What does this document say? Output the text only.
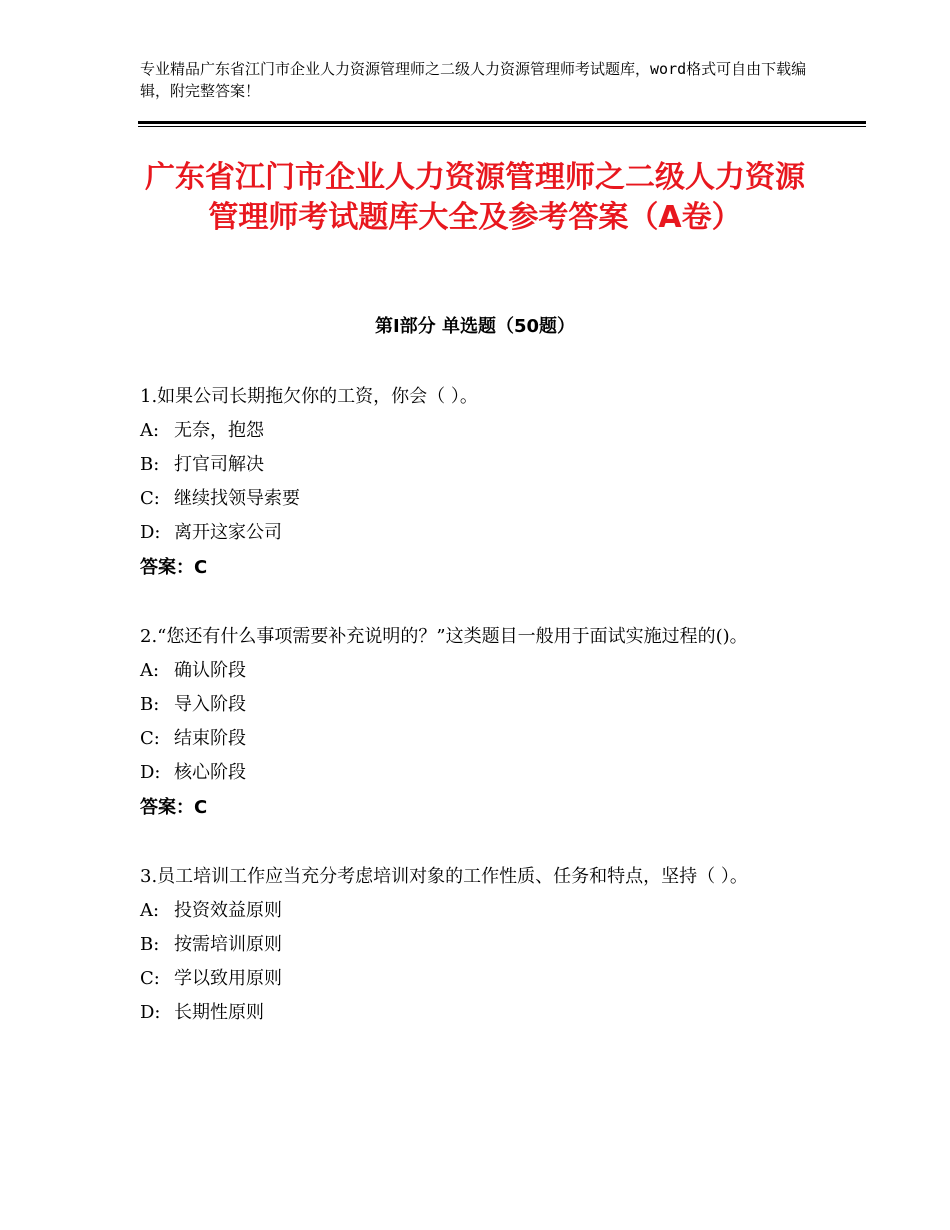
专业精品广东省江门市企业人力资源管理师之二级人力资源管理师考试题库，word格式可自由下载编辑，附完整答案！
广东省江门市企业人力资源管理师之二级人力资源管理师考试题库大全及参考答案（A卷）
第Ⅰ部分 单选题（50题）
1.如果公司长期拖欠你的工资，你会（ ）。
A: 无奈，抱怨
B: 打官司解决
C: 继续找领导索要
D: 离开这家公司
答案：C
2.“您还有什么事项需要补充说明的？”这类题目一般用于面试实施过程的()。
A: 确认阶段
B: 导入阶段
C: 结束阶段
D: 核心阶段
答案：C
3.员工培训工作应当充分考虑培训对象的工作性质、任务和特点，坚持（ ）。
A: 投资效益原则
B: 按需培训原则
C: 学以致用原则
D: 长期性原则
